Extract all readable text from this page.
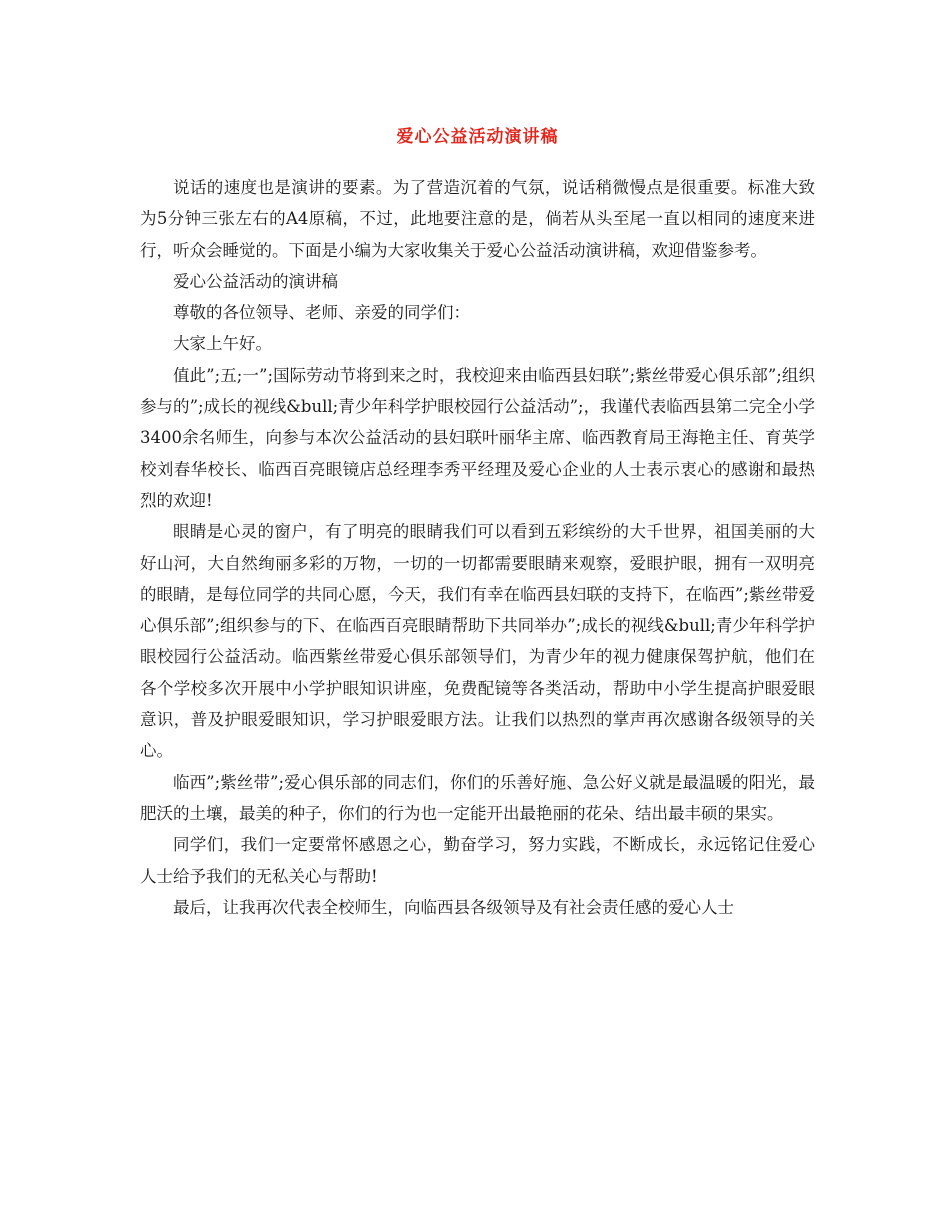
爱心公益活动演讲稿

说话的速度也是演讲的要素。为了营造沉着的气氛，说话稍微慢点是很重要。标准大致为5分钟三张左右的A4原稿，不过，此地要注意的是，倘若从头至尾一直以相同的速度来进行，听众会睡觉的。下面是小编为大家收集关于爱心公益活动演讲稿，欢迎借鉴参考。

爱心公益活动的演讲稿

尊敬的各位领导、老师、亲爱的同学们：

大家上午好。

值此”;五;一”;国际劳动节将到来之时，我校迎来由临西县妇联”;紫丝带爱心俱乐部”;组织参与的”;成长的视线&bull;青少年科学护眼校园行公益活动”;，我谨代表临西县第二完全小学3400余名师生，向参与本次公益活动的县妇联叶丽华主席、临西教育局王海艳主任、育英学校刘春华校长、临西百亮眼镜店总经理李秀平经理及爱心企业的人士表示衷心的感谢和最热烈的欢迎!

眼睛是心灵的窗户，有了明亮的眼睛我们可以看到五彩缤纷的大千世界，祖国美丽的大好山河，大自然绚丽多彩的万物，一切的一切都需要眼睛来观察，爱眼护眼，拥有一双明亮的眼睛，是每位同学的共同心愿，今天，我们有幸在临西县妇联的支持下，在临西”;紫丝带爱心俱乐部”;组织参与的下、在临西百亮眼睛帮助下共同举办”;成长的视线&bull;青少年科学护眼校园行公益活动。临西紫丝带爱心俱乐部领导们，为青少年的视力健康保驾护航，他们在各个学校多次开展中小学护眼知识讲座，免费配镜等各类活动，帮助中小学生提高护眼爱眼意识，普及护眼爱眼知识，学习护眼爱眼方法。让我们以热烈的掌声再次感谢各级领导的关心。

临西”;紫丝带”;爱心俱乐部的同志们，你们的乐善好施、急公好义就是最温暖的阳光，最肥沃的土壤，最美的种子，你们的行为也一定能开出最艳丽的花朵、结出最丰硕的果实。

同学们，我们一定要常怀感恩之心，勤奋学习，努力实践，不断成长，永远铭记住爱心人士给予我们的无私关心与帮助!

最后，让我再次代表全校师生，向临西县各级领导及有社会责任感的爱心人士
